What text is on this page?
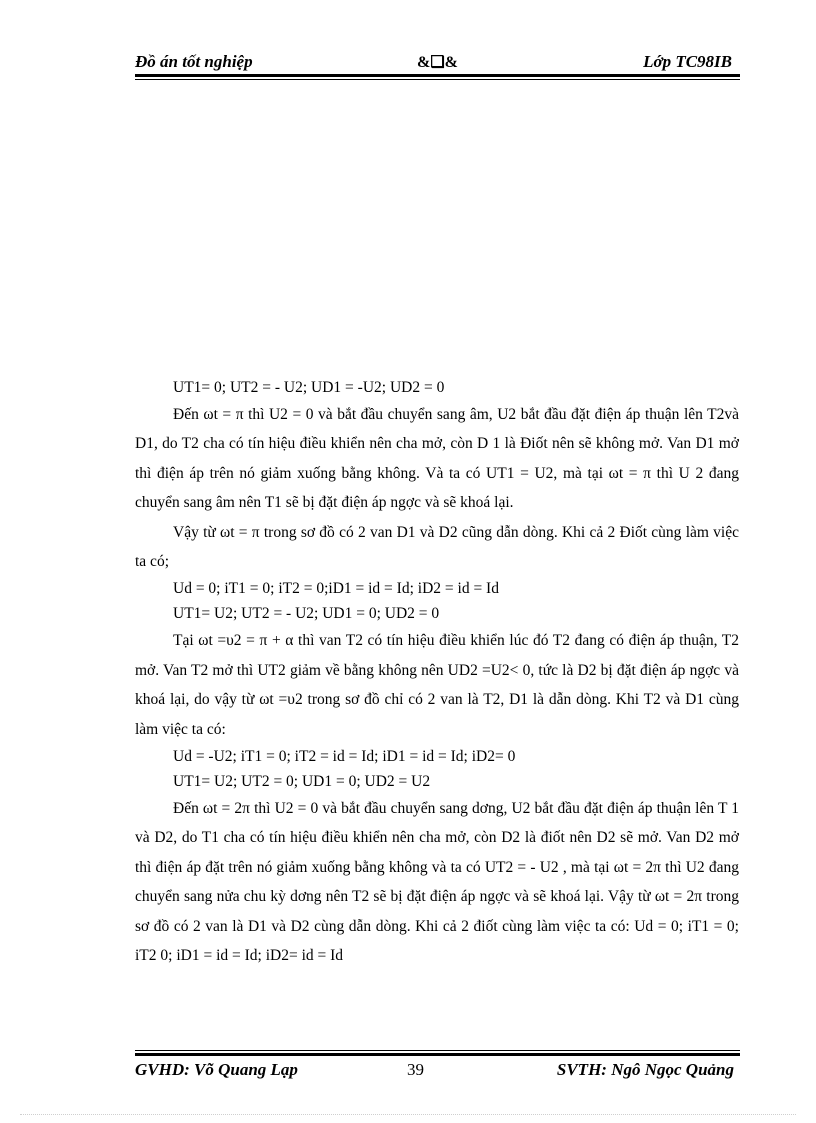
Đồ án tốt nghiệp	&❑&	Lớp TC98IB

UT1= 0; UT2 = - U2; UD1 = -U2; UD2 = 0

Đến ωt = π thì U2 = 0 và bắt đầu chuyển sang âm, U2 bắt đầu đặt điện áp thuận lên T2và D1, do T2 cha có tín hiệu điều khiển nên cha mở, còn D 1 là Điốt nên sẽ không mở. Van D1 mở thì điện áp trên nó giảm xuống bằng không. Và ta có UT1 = U2, mà tại ωt = π thì U 2 đang chuyển sang âm nên T1 sẽ bị đặt điện áp ngợc và sẽ khoá lại.

Vậy từ ωt = π trong sơ đồ có 2 van D1 và D2 cũng dẫn dòng. Khi cả 2 Điốt cùng làm việc ta có;

Ud = 0; iT1 = 0; iT2 = 0;iD1 = id = Id; iD2 = id = Id

UT1= U2; UT2 = - U2; UD1 = 0; UD2 = 0

Tại ωt =υ2 = π + α thì van T2 có tín hiệu điều khiển lúc đó T2 đang có điện áp thuận, T2 mở. Van T2 mở thì UT2 giảm về bằng không nên UD2 =U2< 0, tức là D2 bị đặt điện áp ngợc và khoá lại, do vậy từ ωt =υ2 trong sơ đồ chỉ có 2 van là T2, D1 là dẫn dòng. Khi T2 và D1 cùng làm việc ta có:

Ud = -U2; iT1 = 0; iT2 = id = Id; iD1 = id = Id; iD2= 0

UT1= U2; UT2 = 0; UD1 = 0; UD2 = U2

Đến ωt = 2π thì U2 = 0 và bắt đầu chuyển sang dơng, U2 bắt đầu đặt điện áp thuận lên T 1 và D2, do T1 cha có tín hiệu điều khiển nên cha mở, còn D2 là điốt nên D2 sẽ mở. Van D2 mở thì điện áp đặt trên nó giảm xuống bằng không và ta có UT2 = - U2 , mà tại ωt = 2π thì U2 đang chuyển sang nửa chu kỳ dơng nên T2 sẽ bị đặt điện áp ngợc và sẽ khoá lại. Vậy từ ωt = 2π trong sơ đồ có 2 van là D1 và D2 cùng dẫn dòng. Khi cả 2 điốt cùng làm việc ta có: Ud = 0; iT1 = 0; iT2 0; iD1 = id = Id; iD2= id = Id

GVHD: Võ Quang Lạp	39	SVTH: Ngô Ngọc Quảng
